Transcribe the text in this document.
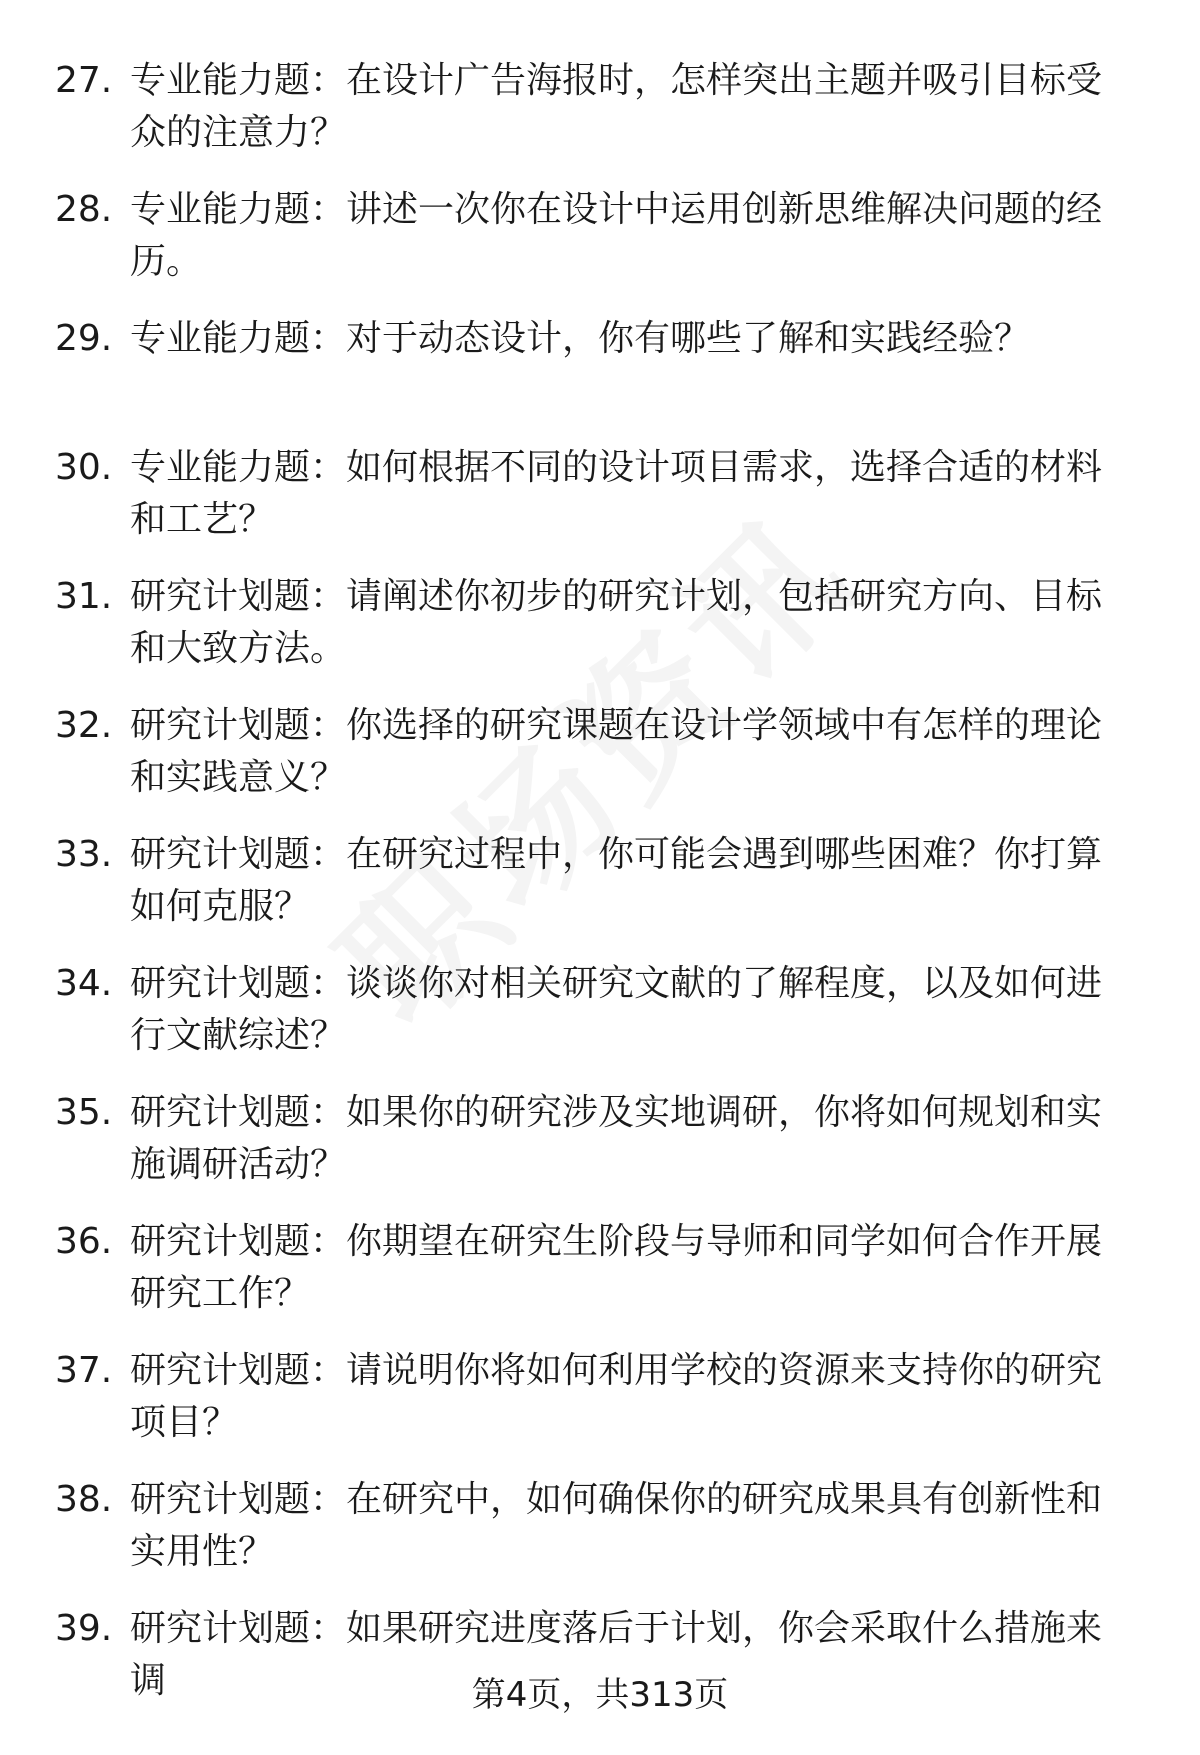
27. 专业能力题：在设计广告海报时，怎样突出主题并吸引目标受众的注意力？
28. 专业能力题：讲述一次你在设计中运用创新思维解决问题的经历。
29. 专业能力题：对于动态设计，你有哪些了解和实践经验？
30. 专业能力题：如何根据不同的设计项目需求，选择合适的材料和工艺？
31. 研究计划题：请阐述你初步的研究计划，包括研究方向、目标和大致方法。
32. 研究计划题：你选择的研究课题在设计学领域中有怎样的理论和实践意义？
33. 研究计划题：在研究过程中，你可能会遇到哪些困难？你打算如何克服？
34. 研究计划题：谈谈你对相关研究文献的了解程度，以及如何进行文献综述？
35. 研究计划题：如果你的研究涉及实地调研，你将如何规划和实施调研活动？
36. 研究计划题：你期望在研究生阶段与导师和同学如何合作开展研究工作？
37. 研究计划题：请说明你将如何利用学校的资源来支持你的研究项目？
38. 研究计划题：在研究中，如何确保你的研究成果具有创新性和实用性？
39. 研究计划题：如果研究进度落后于计划，你会采取什么措施来调	第4页，共313页
